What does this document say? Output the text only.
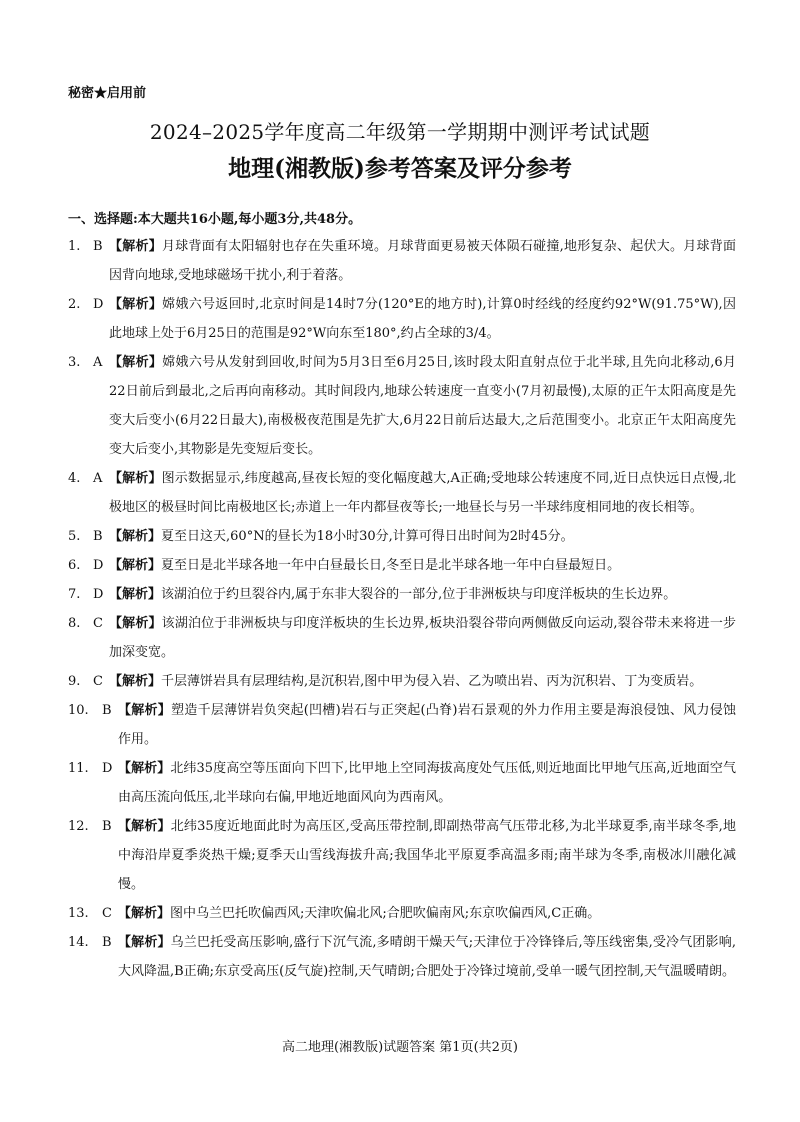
秘密★启用前
2024–2025学年度高二年级第一学期期中测评考试试题
地理(湘教版)参考答案及评分参考
一、选择题:本大题共16小题,每小题3分,共48分。
1. B 【解析】月球背面有太阳辐射也存在失重环境。月球背面更易被天体陨石碰撞,地形复杂、起伏大。月球背面因背向地球,受地球磁场干扰小,利于着落。
2. D 【解析】嫦娥六号返回时,北京时间是14时7分(120°E的地方时),计算0时经线的经度约92°W(91.75°W),因此地球上处于6月25日的范围是92°W向东至180°,约占全球的3/4。
3. A 【解析】嫦娥六号从发射到回收,时间为5月3日至6月25日,该时段太阳直射点位于北半球,且先向北移动,6月22日前后到最北,之后再向南移动。其时间段内,地球公转速度一直变小(7月初最慢),太原的正午太阳高度是先变大后变小(6月22日最大),南极极夜范围是先扩大,6月22日前后达最大,之后范围变小。北京正午太阳高度先变大后变小,其物影是先变短后变长。
4. A 【解析】图示数据显示,纬度越高,昼夜长短的变化幅度越大,A正确;受地球公转速度不同,近日点快远日点慢,北极地区的极昼时间比南极地区长;赤道上一年内都昼夜等长;一地昼长与另一半球纬度相同地的夜长相等。
5. B 【解析】夏至日这天,60°N的昼长为18小时30分,计算可得日出时间为2时45分。
6. D 【解析】夏至日是北半球各地一年中白昼最长日,冬至日是北半球各地一年中白昼最短日。
7. D 【解析】该湖泊位于约旦裂谷内,属于东非大裂谷的一部分,位于非洲板块与印度洋板块的生长边界。
8. C 【解析】该湖泊位于非洲板块与印度洋板块的生长边界,板块沿裂谷带向两侧做反向运动,裂谷带未来将进一步加深变宽。
9. C 【解析】千层薄饼岩具有层理结构,是沉积岩,图中甲为侵入岩、乙为喷出岩、丙为沉积岩、丁为变质岩。
10.	B 【解析】塑造千层薄饼岩负突起(凹槽)岩石与正突起(凸脊)岩石景观的外力作用主要是海浪侵蚀、风力侵蚀作用。
11.	D 【解析】北纬35度高空等压面向下凹下,比甲地上空同海拔高度处气压低,则近地面比甲地气压高,近地面空气由高压流向低压,北半球向右偏,甲地近地面风向为西南风。
12.	B 【解析】北纬35度近地面此时为高压区,受高压带控制,即副热带高气压带北移,为北半球夏季,南半球冬季,地中海沿岸夏季炎热干燥;夏季天山雪线海拔升高;我国华北平原夏季高温多雨;南半球为冬季,南极冰川融化减慢。
13.	C 【解析】图中乌兰巴托吹偏西风;天津吹偏北风;合肥吹偏南风;东京吹偏西风,C正确。
14.	B 【解析】乌兰巴托受高压影响,盛行下沉气流,多晴朗干燥天气;天津位于冷锋锋后,等压线密集,受冷气团影响,大风降温,B正确;东京受高压(反气旋)控制,天气晴朗;合肥处于冷锋过境前,受单一暖气团控制,天气温暖晴朗。
高二地理(湘教版)试题答案 第1页(共2页)
